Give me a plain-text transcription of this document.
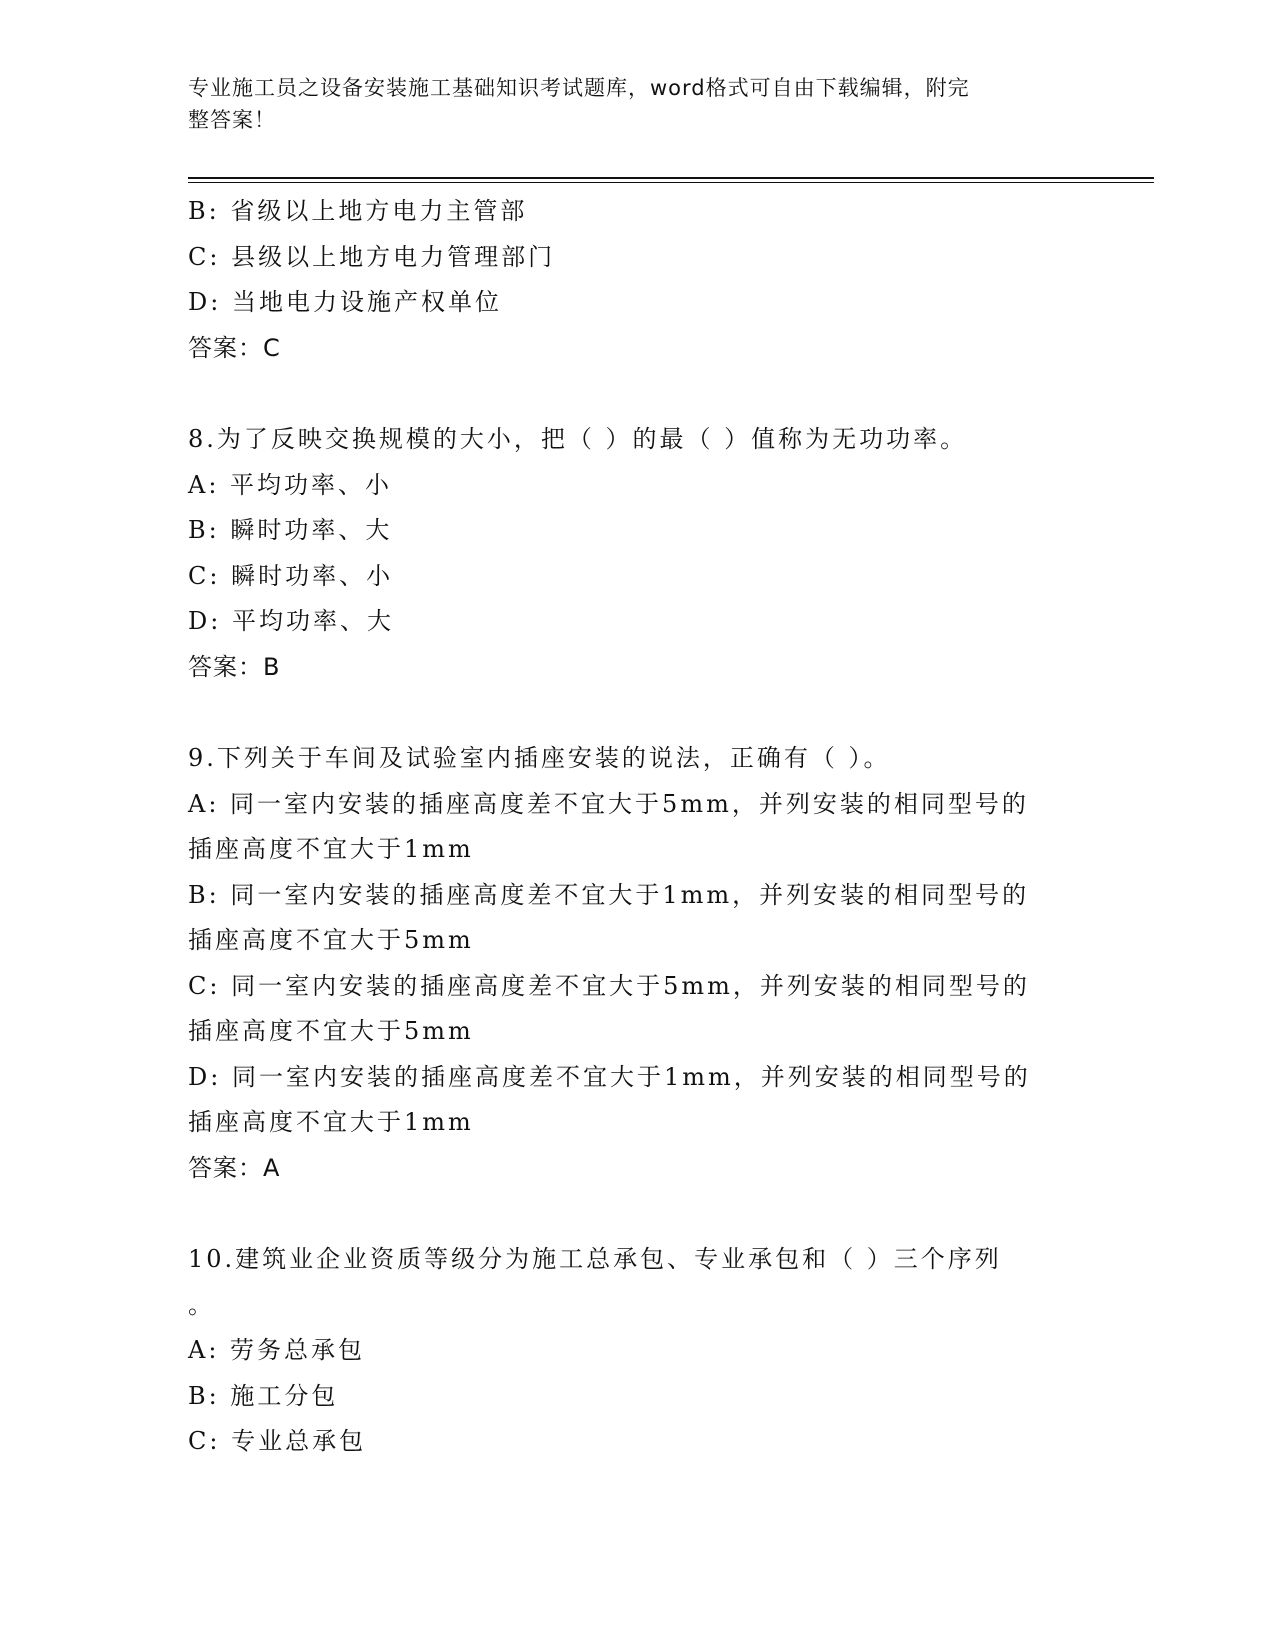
专业施工员之设备安装施工基础知识考试题库，word格式可自由下载编辑，附完
整答案！

B: 省级以上地方电力主管部

C: 县级以上地方电力管理部门

D: 当地电力设施产权单位

答案：C

8.为了反映交换规模的大小，把（ ）的最（ ）值称为无功功率。

A: 平均功率、小

B: 瞬时功率、大

C: 瞬时功率、小

D: 平均功率、大

答案：B

9.下列关于车间及试验室内插座安装的说法，正确有（ ）。

A: 同一室内安装的插座高度差不宜大于5mm，并列安装的相同型号的

插座高度不宜大于1mm

B: 同一室内安装的插座高度差不宜大于1mm，并列安装的相同型号的

插座高度不宜大于5mm

C: 同一室内安装的插座高度差不宜大于5mm，并列安装的相同型号的

插座高度不宜大于5mm

D: 同一室内安装的插座高度差不宜大于1mm，并列安装的相同型号的

插座高度不宜大于1mm

答案：A

10.建筑业企业资质等级分为施工总承包、专业承包和（ ）三个序列

。

A: 劳务总承包

B: 施工分包

C: 专业总承包
